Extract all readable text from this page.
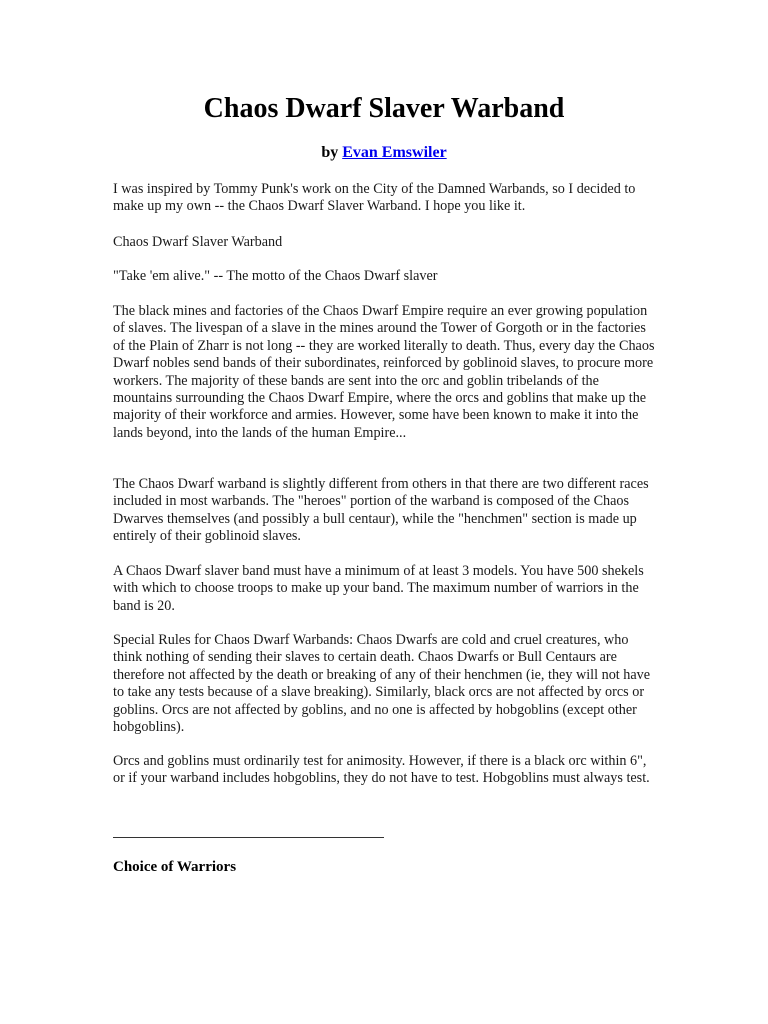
Chaos Dwarf Slaver Warband
by Evan Emswiler

I was inspired by Tommy Punk's work on the City of the Damned Warbands, so I decided to make up my own -- the Chaos Dwarf Slaver Warband. I hope you like it.

Chaos Dwarf Slaver Warband

"Take 'em alive." -- The motto of the Chaos Dwarf slaver

The black mines and factories of the Chaos Dwarf Empire require an ever growing population of slaves. The livespan of a slave in the mines around the Tower of Gorgoth or in the factories of the Plain of Zharr is not long -- they are worked literally to death. Thus, every day the Chaos Dwarf nobles send bands of their subordinates, reinforced by goblinoid slaves, to procure more workers. The majority of these bands are sent into the orc and goblin tribelands of the mountains surrounding the Chaos Dwarf Empire, where the orcs and goblins that make up the majority of their workforce and armies. However, some have been known to make it into the lands beyond, into the lands of the human Empire...

The Chaos Dwarf warband is slightly different from others in that there are two different races included in most warbands. The "heroes" portion of the warband is composed of the Chaos Dwarves themselves (and possibly a bull centaur), while the "henchmen" section is made up entirely of their goblinoid slaves.

A Chaos Dwarf slaver band must have a minimum of at least 3 models. You have 500 shekels with which to choose troops to make up your band. The maximum number of warriors in the band is 20.

Special Rules for Chaos Dwarf Warbands: Chaos Dwarfs are cold and cruel creatures, who think nothing of sending their slaves to certain death. Chaos Dwarfs or Bull Centaurs are therefore not affected by the death or breaking of any of their henchmen (ie, they will not have to take any tests because of a slave breaking). Similarly, black orcs are not affected by orcs or goblins. Orcs are not affected by goblins, and no one is affected by hobgoblins (except other hobgoblins).

Orcs and goblins must ordinarily test for animosity. However, if there is a black orc within 6", or if your warband includes hobgoblins, they do not have to test. Hobgoblins must always test.

Choice of Warriors
